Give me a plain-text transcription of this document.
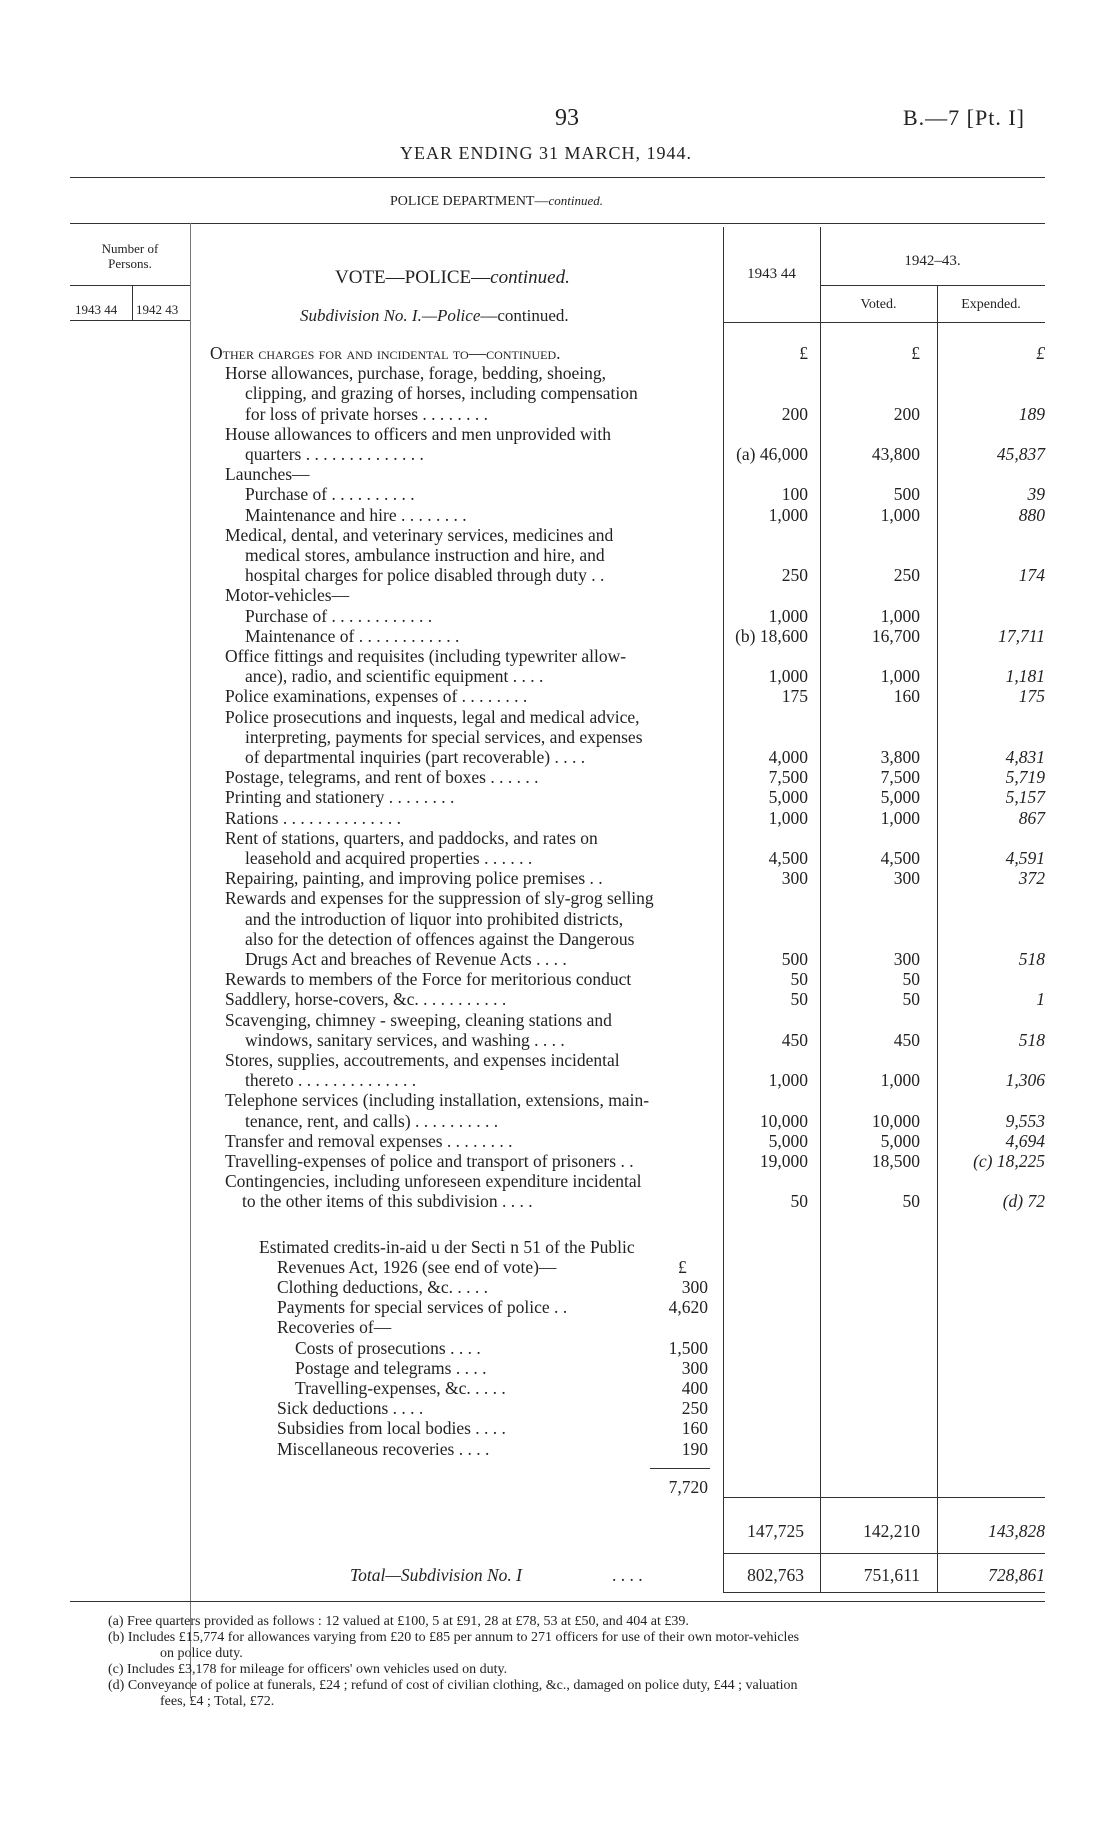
93	B.—7 [Pt. I]
YEAR ENDING 31 MARCH, 1944.
POLICE DEPARTMENT—continued.
Number of Persons.
1943 44 1942 43
VOTE—POLICE—continued.
Subdivision No. I.—Police—continued.
1943 44
1942–43.
Voted.	Expended.
Other charges for and incidental to—continued.	£	£	£
Horse allowances, purchase, forage, bedding, shoeing,
clipping, and grazing of horses, including compensation
for loss of private horses . . . . . . . .	200	200	189
House allowances to officers and men unprovided with
quarters . . . . . . . . . . . . . .	(a) 46,000	43,800	45,837
Launches—
Purchase of . . . . . . . . . .	100	500	39
Maintenance and hire . . . . . . . .	1,000	1,000	880
Medical, dental, and veterinary services, medicines and
medical stores, ambulance instruction and hire, and
hospital charges for police disabled through duty . .	250	250	174
Motor-vehicles—
Purchase of . . . . . . . . . . . .	1,000	1,000
Maintenance of . . . . . . . . . . . .	(b) 18,600	16,700	17,711
Office fittings and requisites (including typewriter allow-
ance), radio, and scientific equipment . . . .	1,000	1,000	1,181
Police examinations, expenses of . . . . . . . .	175	160	175
Police prosecutions and inquests, legal and medical advice,
interpreting, payments for special services, and expenses
of departmental inquiries (part recoverable) . . . .	4,000	3,800	4,831
Postage, telegrams, and rent of boxes . . . . . .	7,500	7,500	5,719
Printing and stationery . . . . . . . .	5,000	5,000	5,157
Rations . . . . . . . . . . . . . .	1,000	1,000	867
Rent of stations, quarters, and paddocks, and rates on
leasehold and acquired properties . . . . . .	4,500	4,500	4,591
Repairing, painting, and improving police premises . .	300	300	372
Rewards and expenses for the suppression of sly-grog selling
and the introduction of liquor into prohibited districts,
also for the detection of offences against the Dangerous
Drugs Act and breaches of Revenue Acts . . . .	500	300	518
Rewards to members of the Force for meritorious conduct	50	50
Saddlery, horse-covers, &c. . . . . . . . . . .	50	50	1
Scavenging, chimney - sweeping, cleaning stations and
windows, sanitary services, and washing . . . .	450	450	518
Stores, supplies, accoutrements, and expenses incidental
thereto . . . . . . . . . . . . . .	1,000	1,000	1,306
Telephone services (including installation, extensions, main-
tenance, rent, and calls) . . . . . . . . . .	10,000	10,000	9,553
Transfer and removal expenses . . . . . . . .	5,000	5,000	4,694
Travelling-expenses of police and transport of prisoners . .	19,000	18,500	(c) 18,225
Contingencies, including unforeseen expenditure incidental
to the other items of this subdivision . . . .	50	50	(d) 72
Estimated credits-in-aid u der Secti n 51 of the Public
Revenues Act, 1926 (see end of vote)—	£
Clothing deductions, &c. . . . .	300
Payments for special services of police . .	4,620
Recoveries of—
Costs of prosecutions . . . .	1,500
Postage and telegrams . . . .	300
Travelling-expenses, &c. . . . .	400
Sick deductions . . . .	250
Subsidies from local bodies . . . .	160
Miscellaneous recoveries . . . .	190
7,720
147,725	142,210	143,828
Total—Subdivision No. I	. . . .	802,763	751,611	728,861
(a) Free quarters provided as follows : 12 valued at £100, 5 at £91, 28 at £78, 53 at £50, and 404 at £39.
(b) Includes £15,774 for allowances varying from £20 to £85 per annum to 271 officers for use of their own motor-vehicles
on police duty.
(c) Includes £3,178 for mileage for officers' own vehicles used on duty.
(d) Conveyance of police at funerals, £24 ; refund of cost of civilian clothing, &c., damaged on police duty, £44 ; valuation
fees, £4 ; Total, £72.
